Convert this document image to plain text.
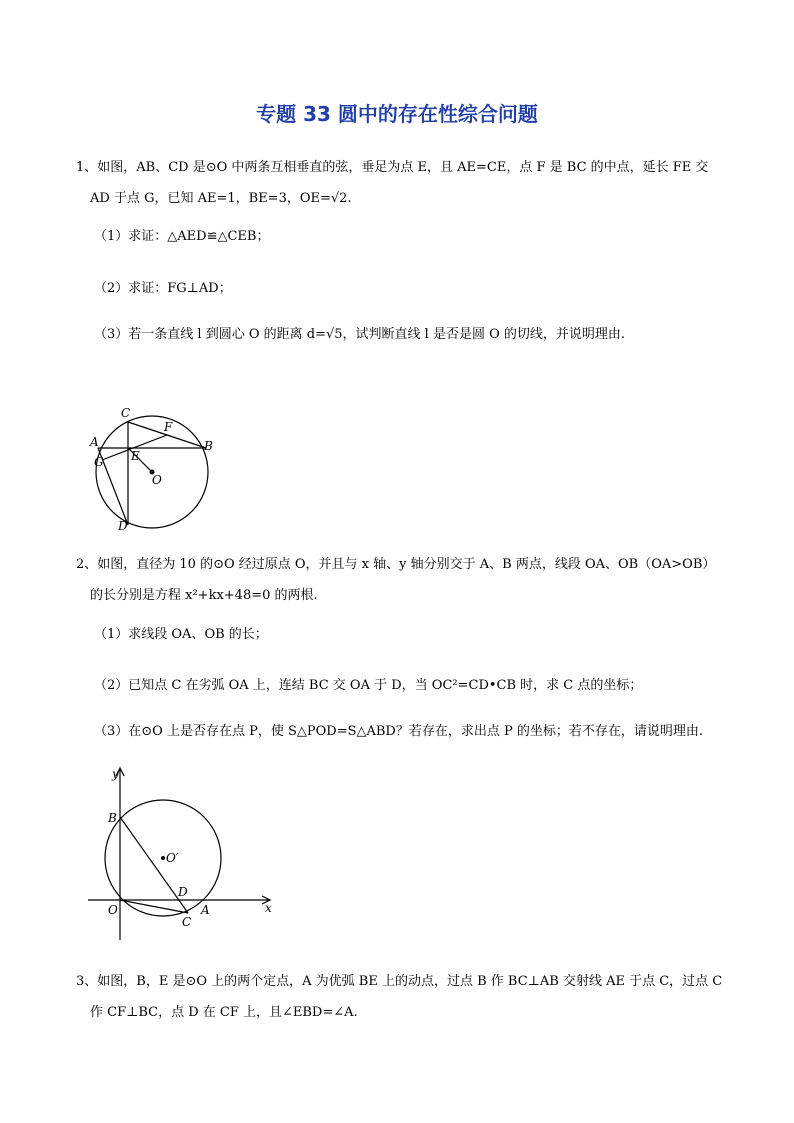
专题 33 圆中的存在性综合问题
1、如图，AB、CD 是⊙O 中两条互相垂直的弦，垂足为点 E，且 AE=CE，点 F 是 BC 的中点，延长 FE 交
AD 于点 G，已知 AE=1，BE=3，OE=√2.
（1）求证：△AED≌△CEB；
（2）求证：FG⊥AD；
（3）若一条直线 l 到圆心 O 的距离 d=√5，试判断直线 l 是否是圆 O 的切线，并说明理由.
C
F
A	B
G E
O
D
2、如图，直径为 10 的⊙O 经过原点 O，并且与 x 轴、y 轴分别交于 A、B 两点，线段 OA、OB（OA>OB）
的长分别是方程 x²+kx+48=0 的两根.
（1）求线段 OA、OB 的长；
（2）已知点 C 在劣弧 OA 上，连结 BC 交 OA 于 D，当 OC²=CD•CB 时，求 C 点的坐标；
（3）在⊙O 上是否存在点 P，使 S△POD=S△ABD？若存在，求出点 P 的坐标；若不存在，请说明理由.
y
B
O′
D
O	A	x
C
3、如图，B，E 是⊙O 上的两个定点，A 为优弧 BE 上的动点，过点 B 作 BC⊥AB 交射线 AE 于点 C，过点 C
作 CF⊥BC，点 D 在 CF 上，且∠EBD=∠A.
